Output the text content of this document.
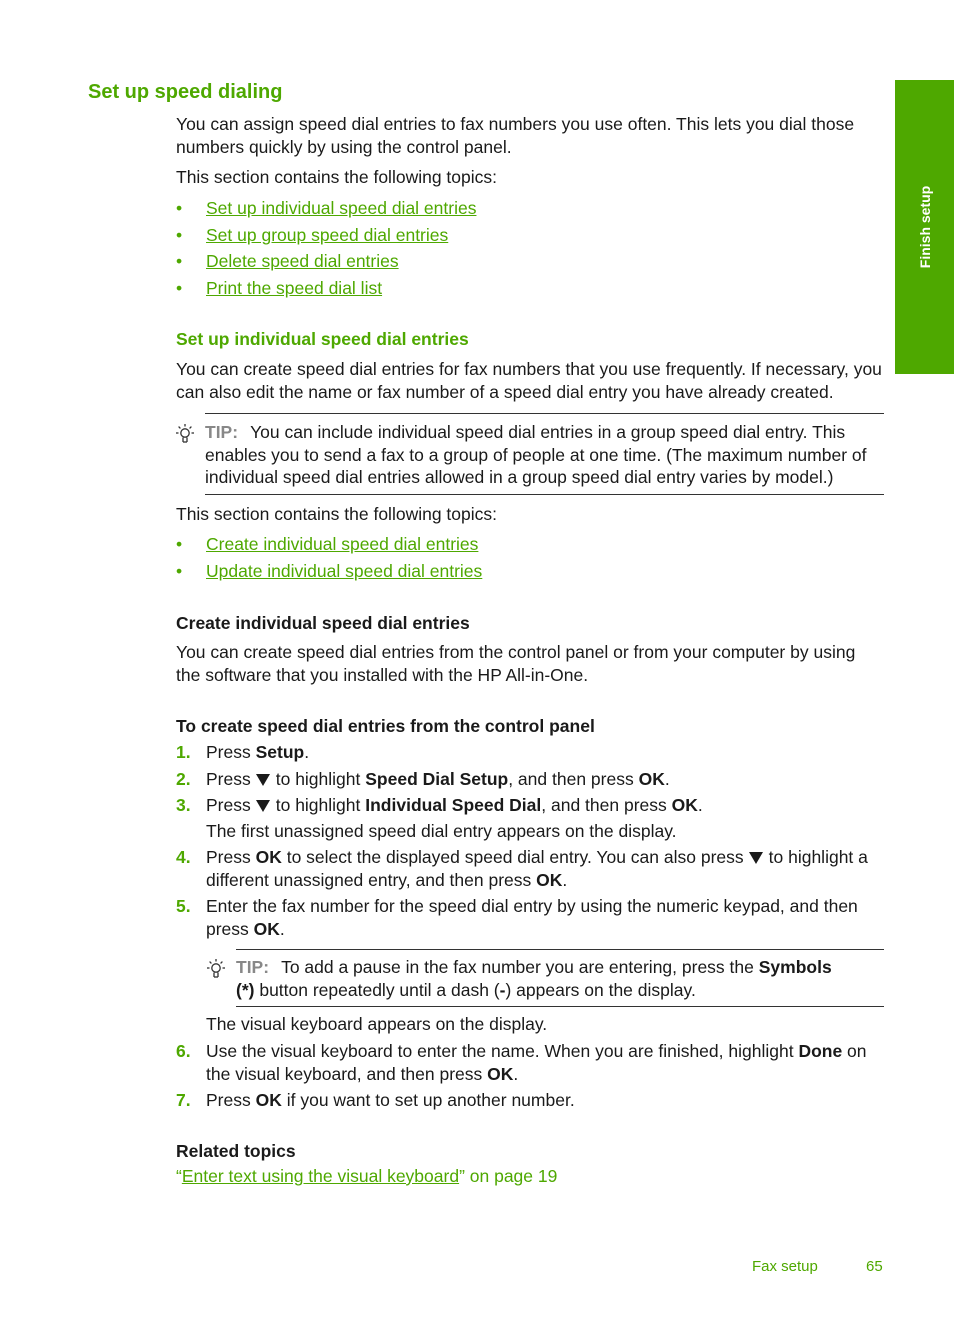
Finish setup
Set up speed dialing
You can assign speed dial entries to fax numbers you use often. This lets you dial those numbers quickly by using the control panel.
This section contains the following topics:
• Set up individual speed dial entries
• Set up group speed dial entries
• Delete speed dial entries
• Print the speed dial list
Set up individual speed dial entries
You can create speed dial entries for fax numbers that you use frequently. If necessary, you can also edit the name or fax number of a speed dial entry you have already created.
TIP: You can include individual speed dial entries in a group speed dial entry. This enables you to send a fax to a group of people at one time. (The maximum number of individual speed dial entries allowed in a group speed dial entry varies by model.)
This section contains the following topics:
• Create individual speed dial entries
• Update individual speed dial entries
Create individual speed dial entries
You can create speed dial entries from the control panel or from your computer by using the software that you installed with the HP All-in-One.
To create speed dial entries from the control panel
1. Press Setup.
2. Press to highlight Speed Dial Setup, and then press OK.
3. Press to highlight Individual Speed Dial, and then press OK.
The first unassigned speed dial entry appears on the display.
4. Press OK to select the displayed speed dial entry. You can also press to highlight a different unassigned entry, and then press OK.
5. Enter the fax number for the speed dial entry by using the numeric keypad, and then press OK.
TIP: To add a pause in the fax number you are entering, press the Symbols
(*) button repeatedly until a dash (-) appears on the display.
The visual keyboard appears on the display.
6. Use the visual keyboard to enter the name. When you are finished, highlight Done on the visual keyboard, and then press OK.
7. Press OK if you want to set up another number.
Related topics
“Enter text using the visual keyboard” on page 19
Fax setup	65
